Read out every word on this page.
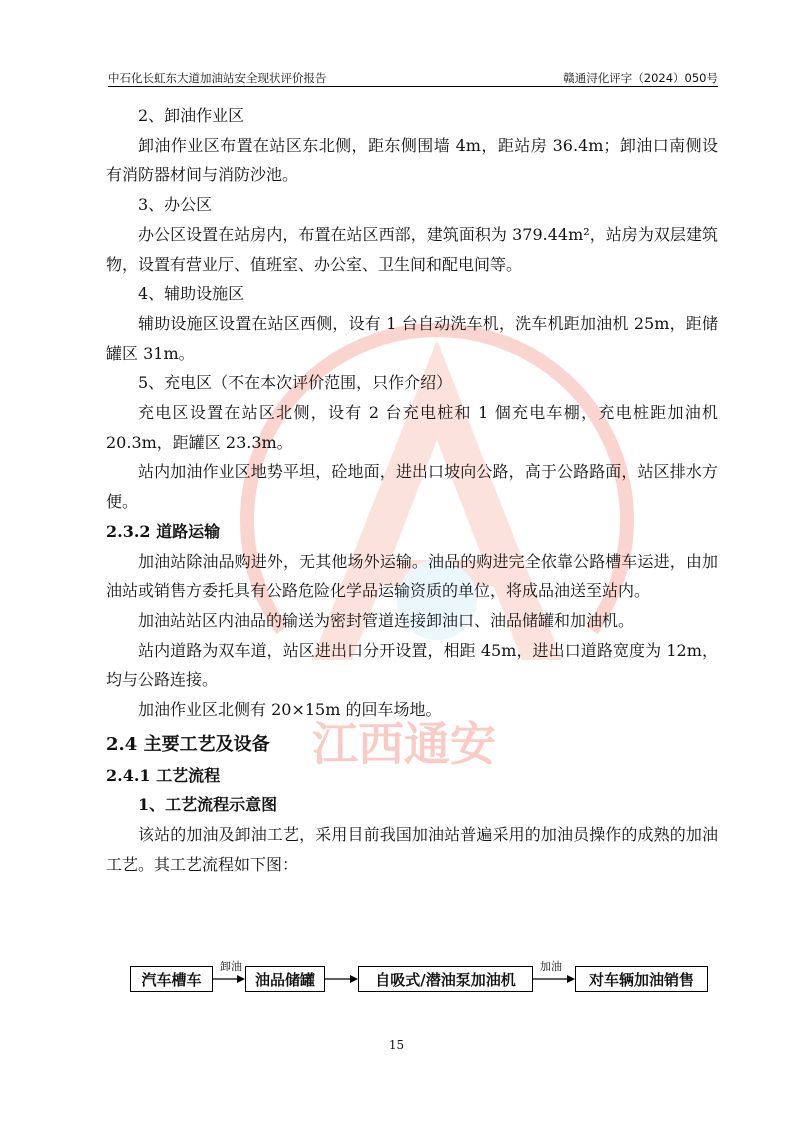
江西通安
中石化长虹东大道加油站安全现状评价报告	赣通浔化评字（2024）050号

2、卸油作业区

卸油作业区布置在站区东北侧，距东侧围墙 4m，距站房 36.4m；卸油口南侧设有消防器材间与消防沙池。

3、办公区

办公区设置在站房内，布置在站区西部，建筑面积为 379.44m²，站房为双层建筑物，设置有营业厅、值班室、办公室、卫生间和配电间等。

4、辅助设施区

辅助设施区设置在站区西侧，设有 1 台自动洗车机，洗车机距加油机 25m，距储罐区 31m。

5、充电区（不在本次评价范围，只作介绍）

充电区设置在站区北侧，设有 2 台充电桩和 1 個充电车棚，充电桩距加油机 20.3m，距罐区 23.3m。

站内加油作业区地势平坦，砼地面，进出口坡向公路，高于公路路面，站区排水方便。

2.3.2 道路运输

加油站除油品购进外，无其他场外运输。油品的购进完全依靠公路槽车运进，由加油站或销售方委托具有公路危险化学品运输资质的单位，将成品油送至站内。

加油站站区内油品的输送为密封管道连接卸油口、油品储罐和加油机。

站内道路为双车道，站区进出口分开设置，相距 45m，进出口道路宽度为 12m，均与公路连接。

加油作业区北侧有 20×15m 的回车场地。

2.4 主要工艺及设备
2.4.1 工艺流程
1、工艺流程示意图

该站的加油及卸油工艺，采用目前我国加油站普遍采用的加油员操作的成熟的加油工艺。其工艺流程如下图：

汽车槽车
卸油
油品储罐	自吸式/潜油泵加油机
加油
对车辆加油销售
15
